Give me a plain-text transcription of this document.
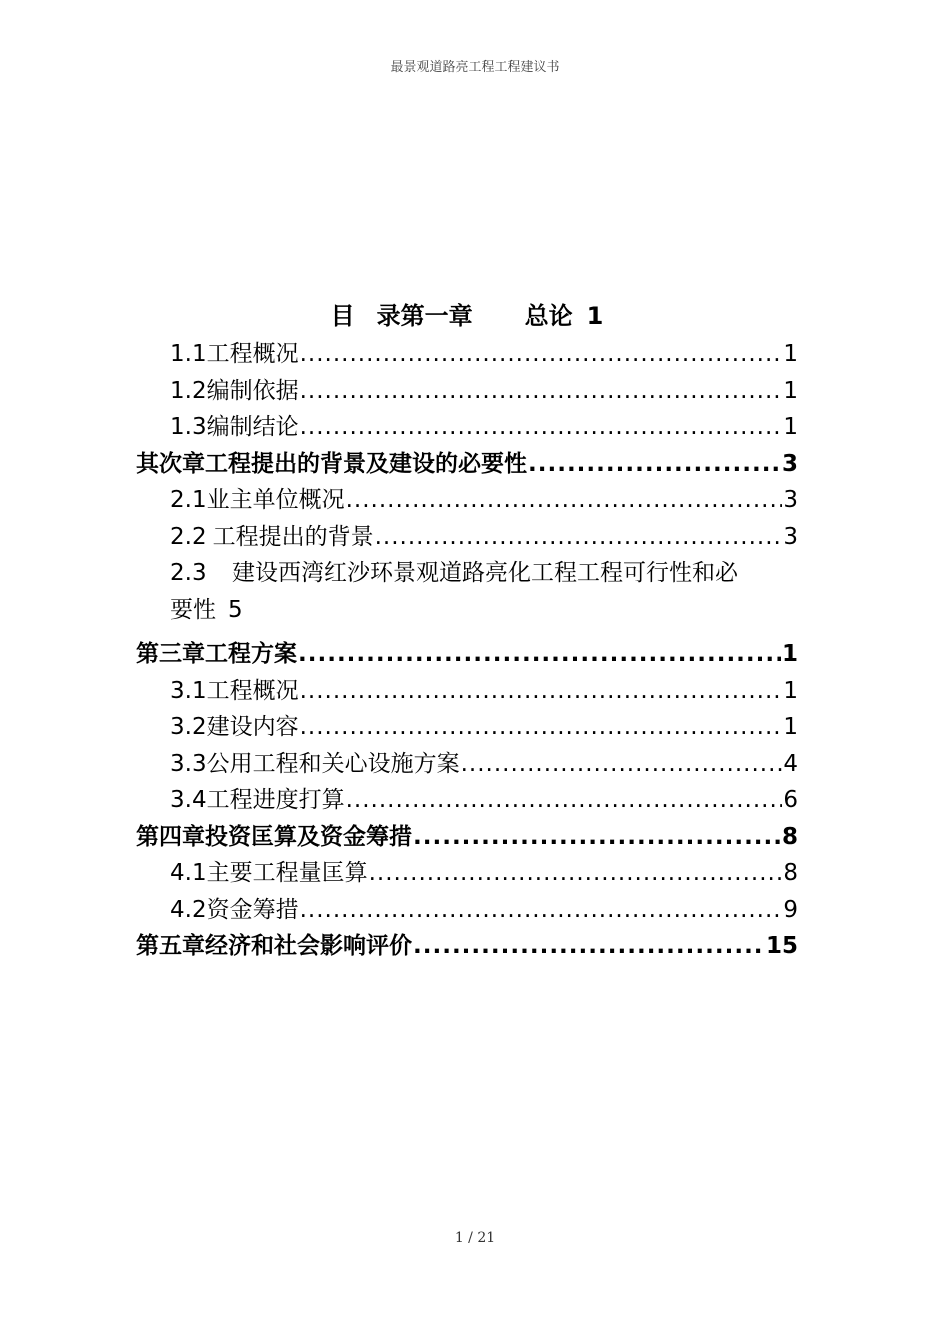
最景观道路亮工程工程建议书
目 录第一章 总论 1
1.1 工程概况 .....	1
1.2 编制依据 .....	1
1.3 编制结论 .....	1
其次章 工程提出的背景及建设的必要性 .....	3
2.1 业主单位概况 .....	3
2.2 工程提出的背景 .....	3
2.3 建设西湾红沙环景观道路亮化工程工程可行性和必
要性 5
第三章 工程方案 .....	1
3.1 工程概况 .....	1
3.2 建设内容 .....	1
3.3 公用工程和关心设施方案 .....	4
3.4 工程进度打算 .....	6
第四章 投资匡算及资金筹措 .....	8
4.1 主要工程量匡算 .....	8
4.2 资金筹措 .....	9
第五章 经济和社会影响评价 .....	15
1 / 21
